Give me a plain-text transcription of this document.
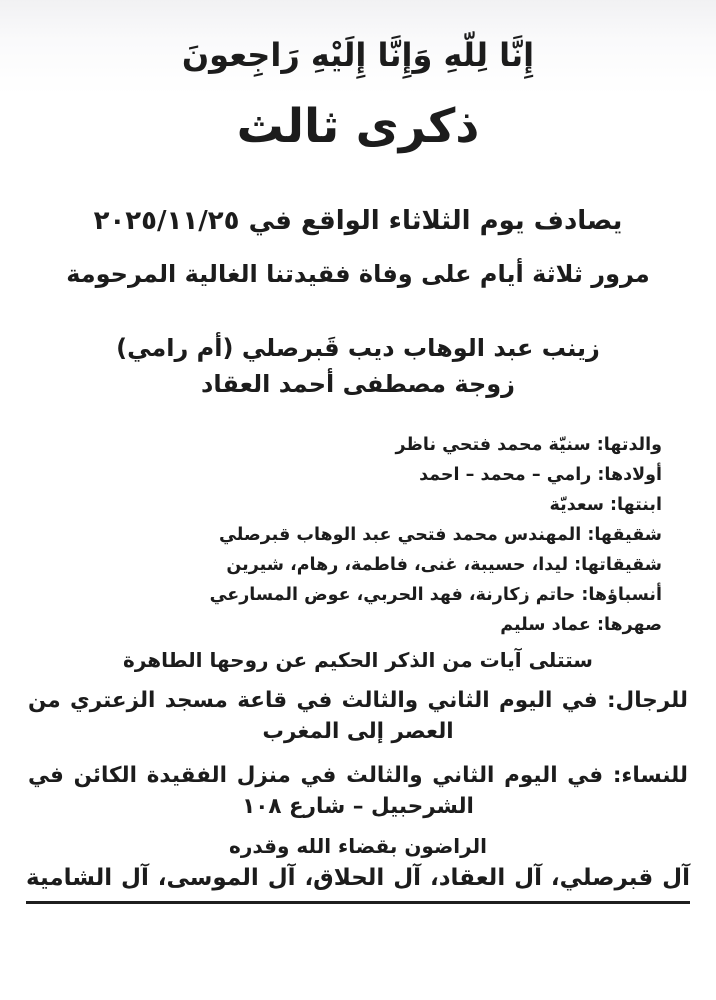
إِنَّا لِلّهِ وَإِنَّا إِلَيْهِ رَاجِعونَ
ذكرى ثالث
يصادف يوم الثلاثاء الواقع في ٢٠٢٥/١١/٢٥
مرور ثلاثة أيام على وفاة فقيدتنا الغالية المرحومة
زينب عبد الوهاب ديب قَبرصلي (أم رامي)
زوجة مصطفى أحمد العقاد
والدتها: سنيّة محمد فتحي ناظر
أولادها: رامي – محمد – احمد
ابنتها: سعديّة
شقيقها: المهندس محمد فتحي عبد الوهاب قبرصلي
شقيقاتها: ليدا، حسيبة، غنى، فاطمة، رهام، شيرين
أنسباؤها: حاتم زكارنة، فهد الحربي، عوض المسارعي
صهرها: عماد سليم
ستتلى آيات من الذكر الحكيم عن روحها الطاهرة
للرجال:
في
اليوم
الثاني
والثالث
في
قاعة
مسجد
الزعتري
من
العصر إلى المغرب
للنساء:
في
اليوم
الثاني
والثالث
في
منزل
الفقيدة
الكائن
في
الشرحبيل – شارع ١٠٨
الراضون بقضاء الله وقدره
آل
قبرصلي،
آل
العقاد،
آل
الحلاق،
آل
الموسى،
آل
الشامية
